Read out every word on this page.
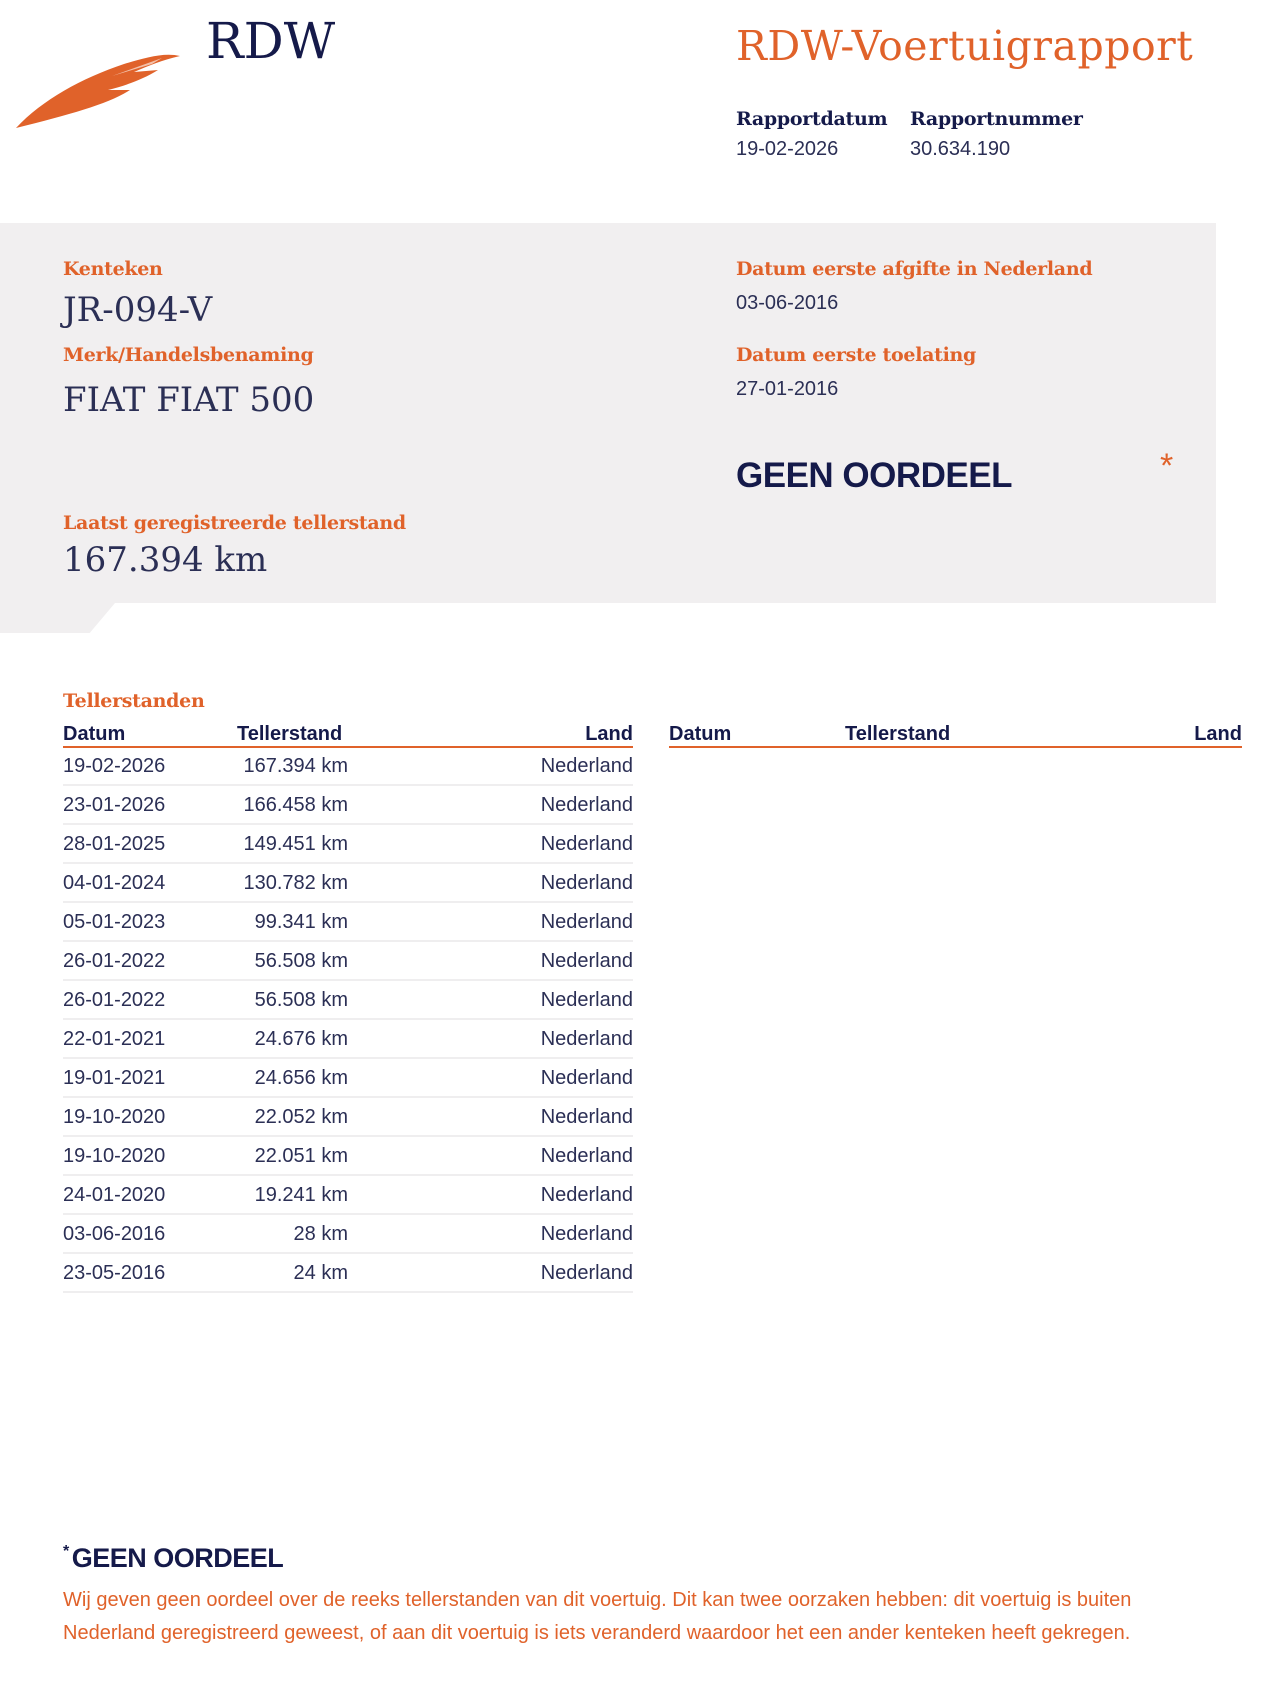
RDW	RDW-Voertuigrapport
Rapportdatum
19-02-2026
Rapportnummer
30.634.190
Kenteken
JR-094-V
Merk/Handelsbenaming
FIAT FIAT 500
Laatst geregistreerde tellerstand
167.394 km
Datum eerste afgifte in Nederland
03-06-2016
Datum eerste toelating
27-01-2016
GEEN OORDEEL	*
Tellerstanden
Datum	Tellerstand	Land Datum	Tellerstand	Land
19-02-2026	167.394 km	Nederland
23-01-2026	166.458 km	Nederland
28-01-2025	149.451 km	Nederland
04-01-2024	130.782 km	Nederland
05-01-2023	99.341 km	Nederland
26-01-2022	56.508 km	Nederland
26-01-2022	56.508 km	Nederland
22-01-2021	24.676 km	Nederland
19-01-2021	24.656 km	Nederland
19-10-2020	22.052 km	Nederland
19-10-2020	22.051 km	Nederland
24-01-2020	19.241 km	Nederland
03-06-2016	28 km	Nederland
23-05-2016	24 km	Nederland
* GEEN OORDEEL
Wij geven geen oordeel over de reeks tellerstanden van dit voertuig. Dit kan twee oorzaken hebben: dit voertuig is buiten Nederland geregistreerd geweest, of aan dit voertuig is iets veranderd waardoor het een ander kenteken heeft gekregen.
